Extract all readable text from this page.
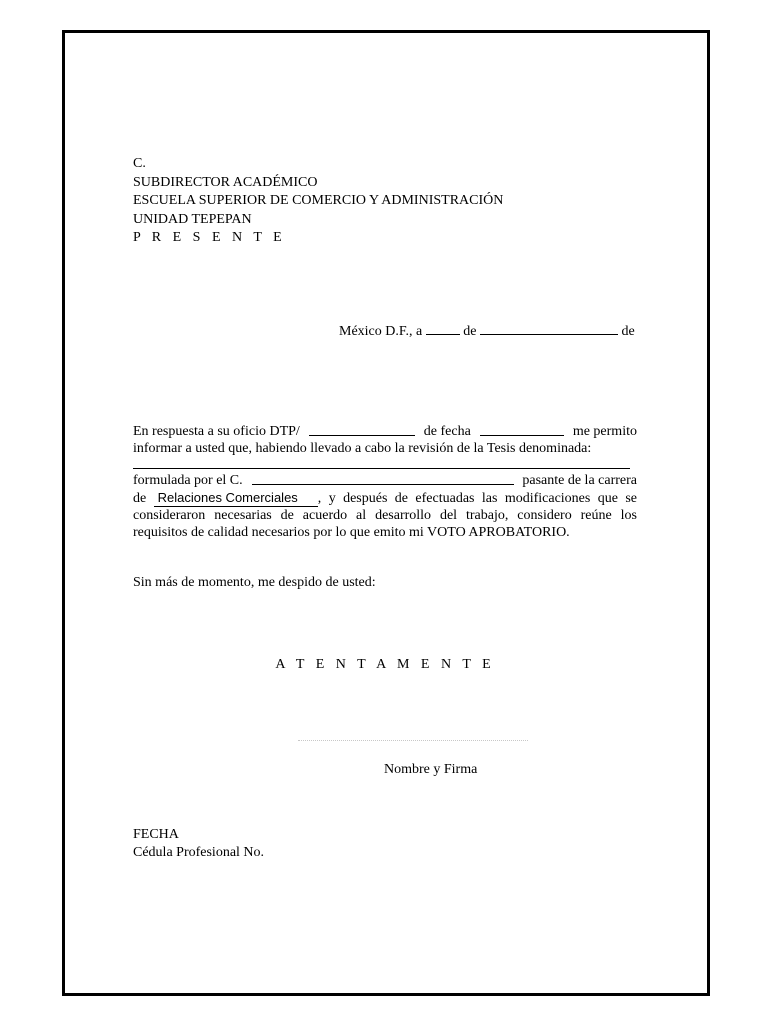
C.
SUBDIRECTOR ACADÉMICO
ESCUELA SUPERIOR DE COMERCIO Y ADMINISTRACIÓN
UNIDAD TEPEPAN
P R E S E N T E
México D.F., a	de	de
En respuesta a su oficio DTP/	de fecha	me permito
informar a usted que, habiendo llevado a cabo la revisión de la Tesis denominada:
formulada por el C.	pasante de la carrera
de Relaciones Comerciales , y después de efectuadas las modificaciones que se consideraron necesarias de acuerdo al desarrollo del trabajo, considero reúne los requisitos de calidad necesarios por lo que emito mi VOTO APROBATORIO.
Sin más de momento, me despido de usted:
A T E N T A M E N T E
Nombre y Firma
FECHA
Cédula Profesional No.
